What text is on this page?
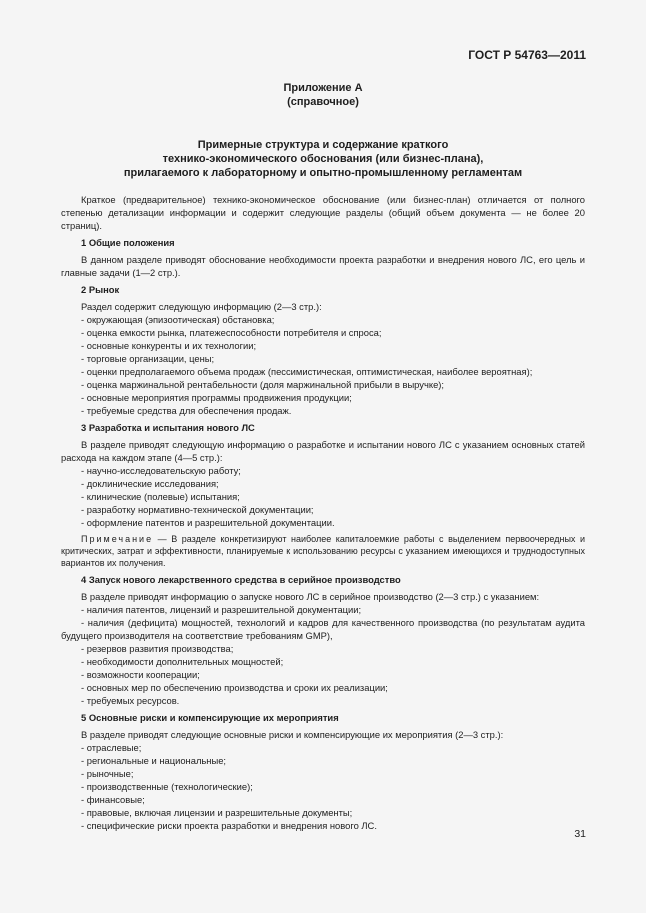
ГОСТ Р 54763—2011
Приложение А
(справочное)
Примерные структура и содержание краткого
технико-экономического обоснования (или бизнес-плана),
прилагаемого к лабораторному и опытно-промышленному регламентам

Краткое (предварительное) технико-экономическое обоснование (или бизнес-план) отличается от полного степенью детализации информации и содержит следующие разделы (общий объем документа — не более 20 страниц).

1 Общие положения

В данном разделе приводят обоснование необходимости проекта разработки и внедрения нового ЛС, его цель и главные задачи (1—2 стр.).

2 Рынок

Раздел содержит следующую информацию (2—3 стр.):

- окружающая (эпизоотическая) обстановка;

- оценка емкости рынка, платежеспособности потребителя и спроса;

- основные конкуренты и их технологии;

- торговые организации, цены;

- оценки предполагаемого объема продаж (пессимистическая, оптимистическая, наиболее вероятная);

- оценка маржинальной рентабельности (доля маржинальной прибыли в выручке);

- основные мероприятия программы продвижения продукции;

- требуемые средства для обеспечения продаж.

3 Разработка и испытания нового ЛС

В разделе приводят следующую информацию о разработке и испытании нового ЛС с указанием основных статей расхода на каждом этапе (4—5 стр.):

- научно-исследовательскую работу;

- доклинические исследования;

- клинические (полевые) испытания;

- разработку нормативно-технической документации;

- оформление патентов и разрешительной документации.

Примечание — В разделе конкретизируют наиболее капиталоемкие работы с выделением первоочередных и критических, затрат и эффективности, планируемые к использованию ресурсы с указанием имеющихся и труднодоступных вариантов их получения.

4 Запуск нового лекарственного средства в серийное производство

В разделе приводят информацию о запуске нового ЛС в серийное производство (2—3 стр.) с указанием:

- наличия патентов, лицензий и разрешительной документации;

- наличия (дефицита) мощностей, технологий и кадров для качественного производства (по результатам аудита будущего производителя на соответствие требованиям GMP),

- резервов развития производства;

- необходимости дополнительных мощностей;

- возможности кооперации;

- основных мер по обеспечению производства и сроки их реализации;

- требуемых ресурсов.

5 Основные риски и компенсирующие их мероприятия

В разделе приводят следующие основные риски и компенсирующие их мероприятия (2—3 стр.):

- отраслевые;

- региональные и национальные;

- рыночные;

- производственные (технологические);

- финансовые;

- правовые, включая лицензии и разрешительные документы;

- специфические риски проекта разработки и внедрения нового ЛС.

31
